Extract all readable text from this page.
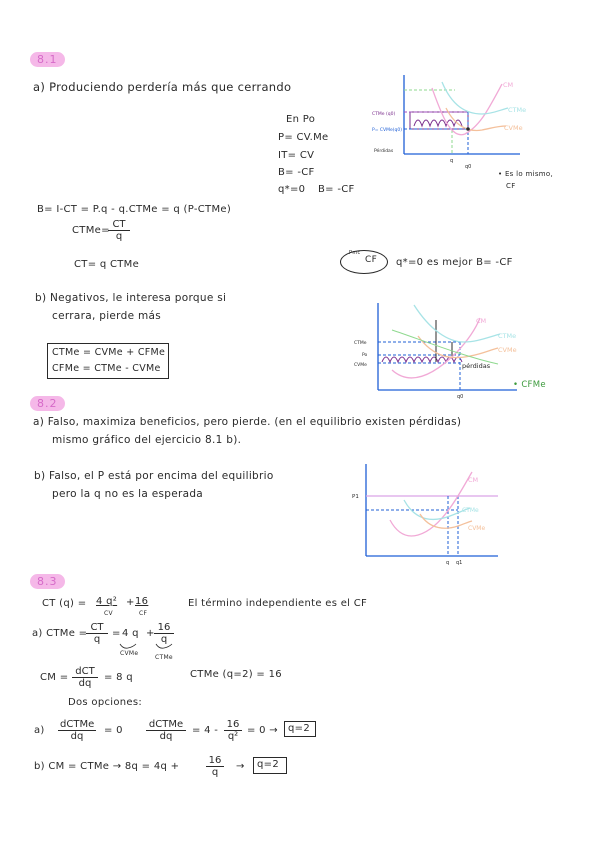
8.1
a) Produciendo perdería más que cerrando
En Po
P= CV.Me
IT= CV
B= -CF
q*=0 B= -CF
CM
CTMe
CVMe
CTMe (q0)
P= CVMe(q0)
Pérdidas
q
q0
• Es lo mismo,
CF
B= I-CT = P.q - q.CTMe = q (P-CTMe)
CTMe=
$\frac{CT}{q}$
CT= q CTMe
Pmc
CF q*=0 es mejor B= -CF
b) Negativos, le interesa porque si
cerrara, pierde más
CTMe = CVMe + CFMe
CFMe = CTMe - CVMe
CM
CTMe
CVMe
CTMe
Po
CVMe	pérdidas
q0
• CFMe
8.2
a) Falso, maximiza beneficios, pero pierde. (en el equilibrio existen pérdidas)
mismo gráfico del ejercicio 8.1 b).
b) Falso, el P está por encima del equilibrio
pero la q no es la esperada	P1
CM
CTMe
CVMe
q q1
8.3
CT (q) = 4 q²
CV
+ 16
CF
El término independiente es el CF
a) CTMe =
$\frac{CT}{q} = 4$ $q + \frac{16}{q}$
CVMe
CTMe
CM =
dCT
dq
= 8 q	CTMe (q=2) = 16
Dos opciones:
a)
dCTMe
dq
= 0
dCTMe
dq
= $4 - \frac{16}{\text{q²}} = 0 \to q=2$
b) CM = CTMe → 8q = 4q +	$\frac{16}{q} \to q=2$
